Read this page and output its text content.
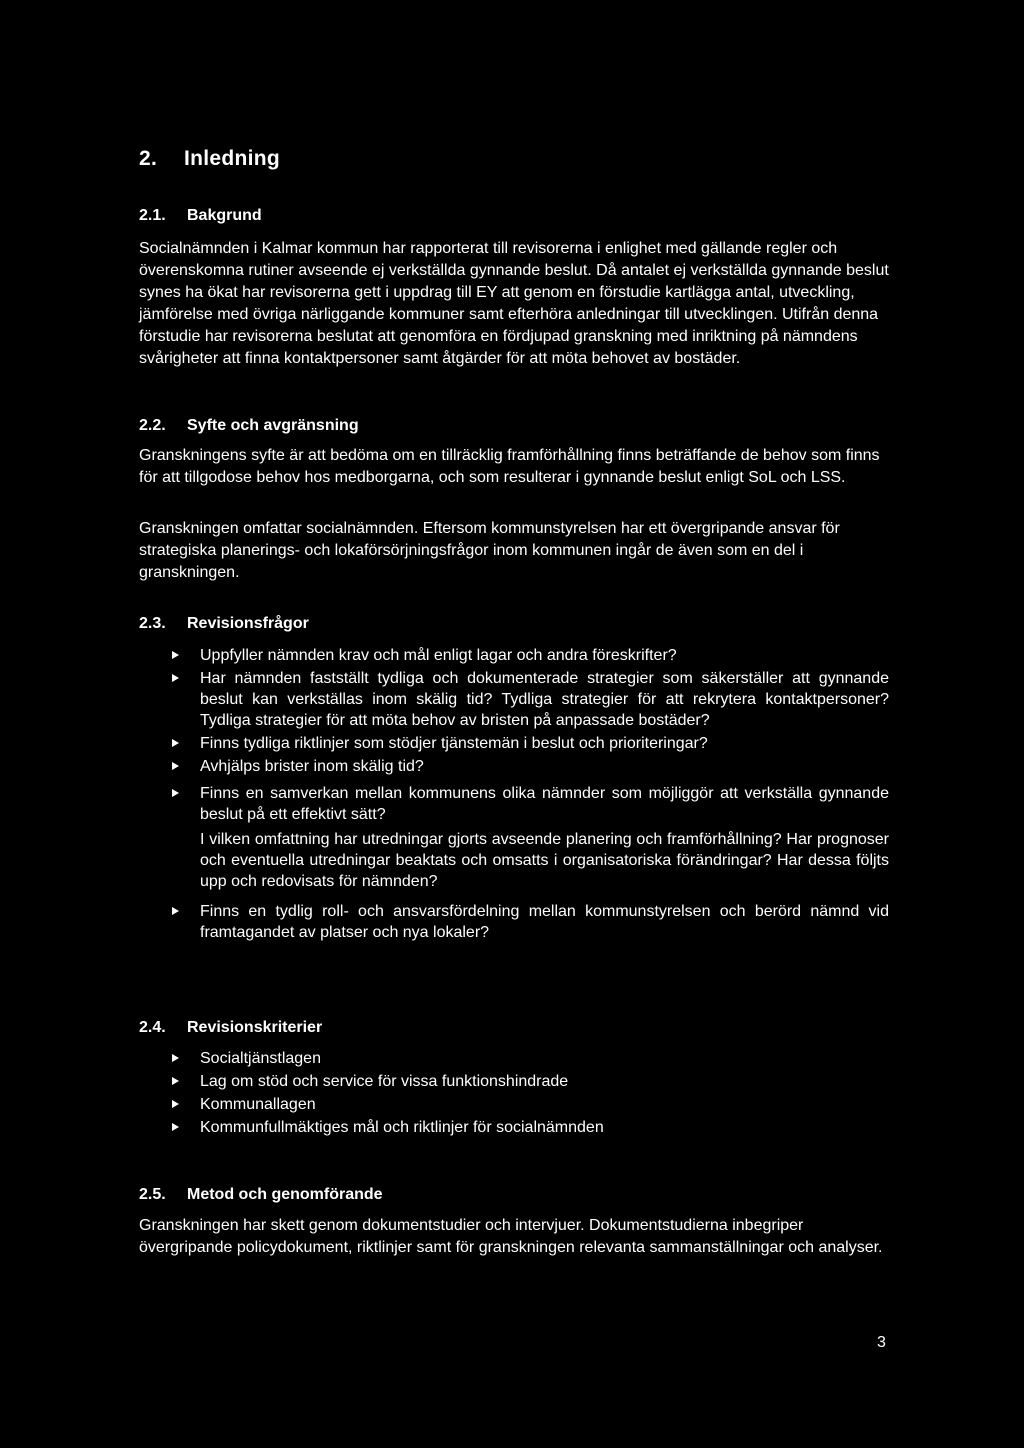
2. Inledning
2.1. Bakgrund

Socialnämnden i Kalmar kommun har rapporterat till revisorerna i enlighet med gällande regler och överenskomna rutiner avseende ej verkställda gynnande beslut. Då antalet ej verkställda gynnande beslut synes ha ökat har revisorerna gett i uppdrag till EY att genom en förstudie kartlägga antal, utveckling, jämförelse med övriga närliggande kommuner samt efterhöra anledningar till utvecklingen. Utifrån denna förstudie har revisorerna beslutat att genomföra en fördjupad granskning med inriktning på nämndens svårigheter att finna kontaktpersoner samt åtgärder för att möta behovet av bostäder.

2.2. Syfte och avgränsning

Granskningens syfte är att bedöma om en tillräcklig framförhållning finns beträffande de behov som finns för att tillgodose behov hos medborgarna, och som resulterar i gynnande beslut enligt SoL och LSS.

Granskningen omfattar socialnämnden. Eftersom kommunstyrelsen har ett övergripande ansvar för strategiska planerings- och lokaförsörjningsfrågor inom kommunen ingår de även som en del i granskningen.

2.3. Revisionsfrågor
Uppfyller nämnden krav och mål enligt lagar och andra föreskrifter?
Har nämnden fastställt tydliga och dokumenterade strategier som säkerställer att gynnande beslut kan verkställas inom skälig tid? Tydliga strategier för att rekrytera kontaktpersoner? Tydliga strategier för att möta behov av bristen på anpassade bostäder?
Finns tydliga riktlinjer som stödjer tjänstemän i beslut och prioriteringar?
Avhjälps brister inom skälig tid?
Finns en samverkan mellan kommunens olika nämnder som möjliggör att verkställa gynnande beslut på ett effektivt sätt?
I vilken omfattning har utredningar gjorts avseende planering och framförhållning? Har prognoser och eventuella utredningar beaktats och omsatts i organisatoriska förändringar? Har dessa följts upp och redovisats för nämnden?
Finns en tydlig roll- och ansvarsfördelning mellan kommunstyrelsen och berörd nämnd vid framtagandet av platser och nya lokaler?
2.4. Revisionskriterier
Socialtjänstlagen
Lag om stöd och service för vissa funktionshindrade
Kommunallagen
Kommunfullmäktiges mål och riktlinjer för socialnämnden
2.5. Metod och genomförande

Granskningen har skett genom dokumentstudier och intervjuer. Dokumentstudierna inbegriper övergripande policydokument, riktlinjer samt för granskningen relevanta sammanställningar och analyser.

3
